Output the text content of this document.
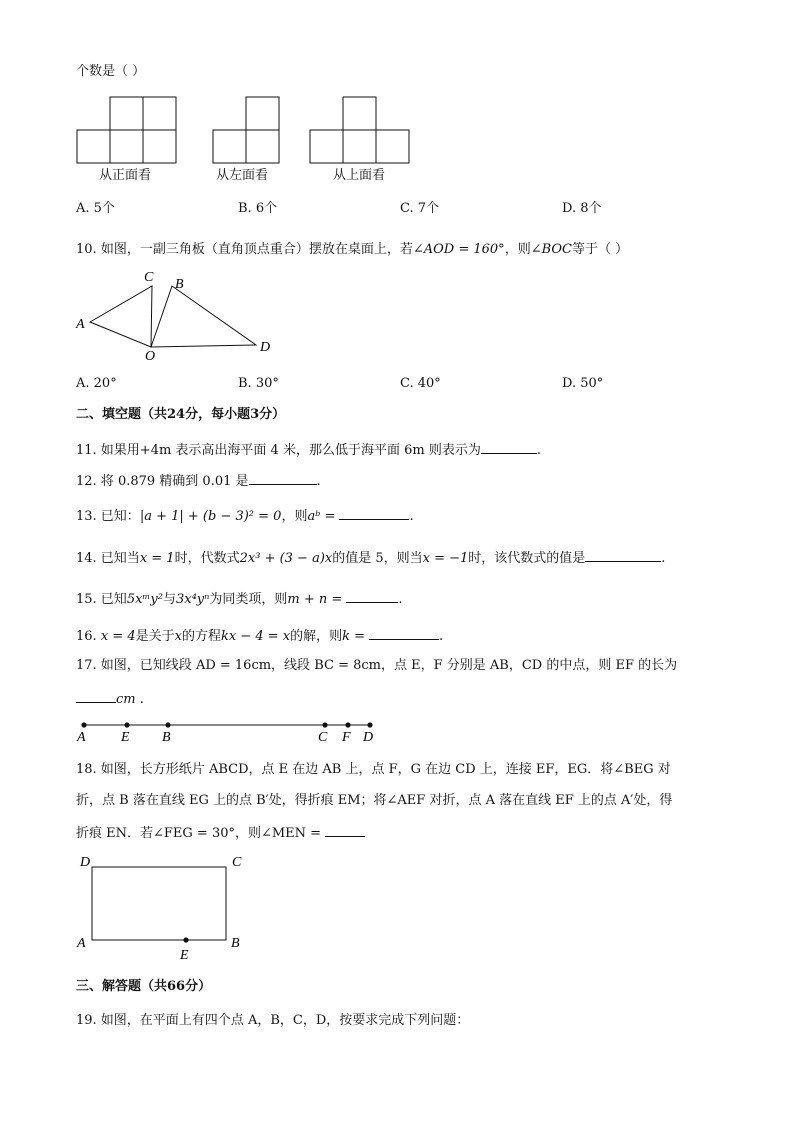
个数是（ ）
从正面看	从左面看	从上面看
A. 5个	B. 6个	C. 7个	D. 8个
10. 如图，一副三角板（直角顶点重合）摆放在桌面上，若∠AOD = 160°，则∠BOC等于（ ）
C B
A
O
D
A. 20°	B. 30°	C. 40°	D. 50°
二、填空题（共24分，每小题3分）
11. 如果用+4m 表示高出海平面 4 米，那么低于海平面 6m 则表示为	.
12. 将 0.879 精确到 0.01 是	.
13. 已知：|a + 1| + (b − 3)² = 0，则aᵇ =	.
14. 已知当x = 1时，代数式2x³ + (3 − a)x的值是 5，则当x = −1时，该代数式的值是	.
15. 已知5xᵐy²与3x⁴yⁿ为同类项，则m + n =	.
16. x = 4是关于x的方程kx − 4 = x的解，则k =	.
17. 如图，已知线段 AD = 16cm，线段 BC = 8cm，点 E，F 分别是 AB，CD 的中点，则 EF 的长为
cm .
A	E B	C F D
18. 如图，长方形纸片 ABCD，点 E 在边 AB 上，点 F，G 在边 CD 上，连接 EF，EG．将∠BEG 对
折，点 B 落在直线 EG 上的点 B′处，得折痕 EM；将∠AEF 对折，点 A 落在直线 EF 上的点 A′处，得
折痕 EN．若∠FEG = 30°，则∠MEN =
D	C
A
E
B
三、解答题（共66分）
19. 如图，在平面上有四个点 A，B，C，D，按要求完成下列问题：
